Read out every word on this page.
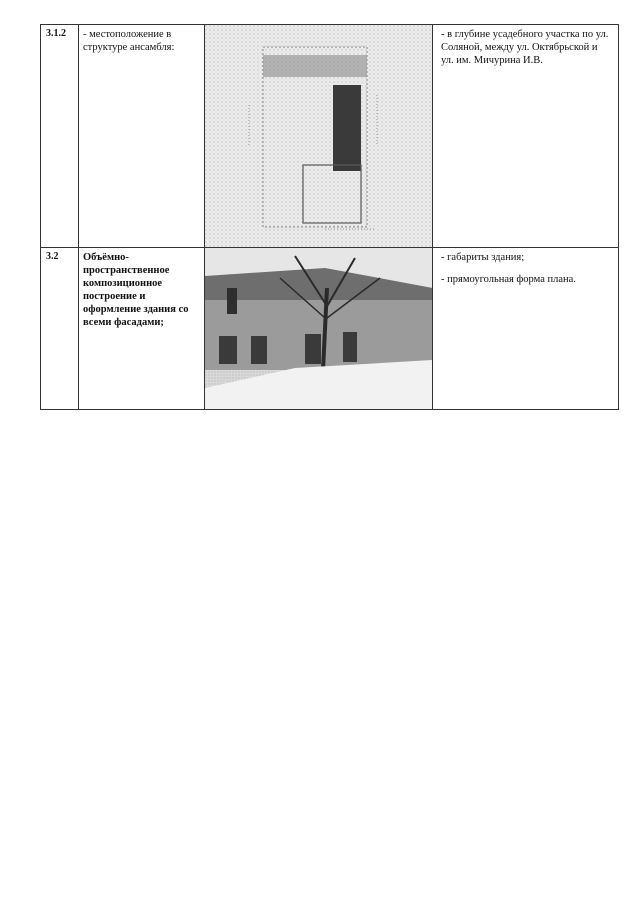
3.1.2	- местоположение в структуре ансамбля:		- в глубине усадебного участка по ул. Соляной, между ул. Октябрьской и ул. им. Мичурина И.В.

3.2	Объёмно-пространственное композиционное построение и оформление здания со всеми фасадами;		- габариты здания;
- прямоугольная форма плана.
